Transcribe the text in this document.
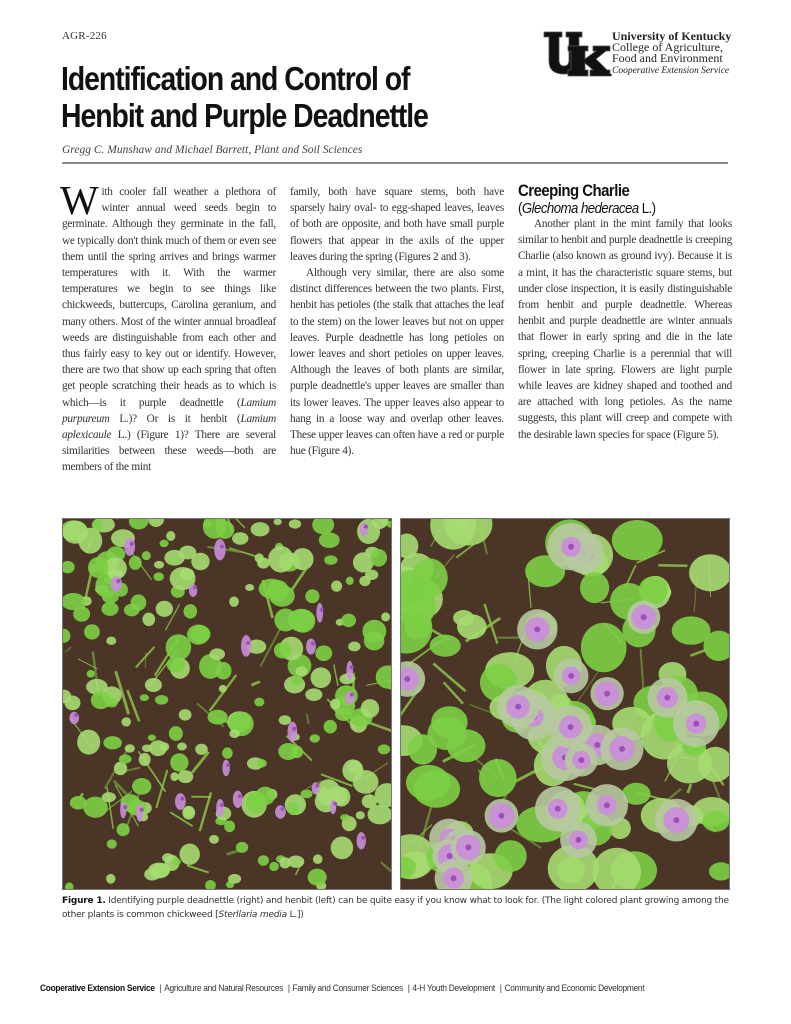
AGR-226
Identification and Control of
Henbit and Purple Deadnettle
Gregg C. Munshaw and Michael Barrett, Plant and Soil Sciences
University of Kentucky
College of Agriculture,
Food and Environment
Cooperative Extension Service

With cooler fall weather a plethora of winter annual weed seeds begin to germinate. Although they germinate in the fall, we typically don't think much of them or even see them until the spring arrives and brings warmer temperatures with it. With the warmer temperatures we begin to see things like chickweeds, buttercups, Carolina geranium, and many others. Most of the winter annual broadleaf weeds are distinguishable from each other and thus fairly easy to key out or identify. However, there are two that show up each spring that often get people scratching their heads as to which is which—is it purple deadnettle (Lamium purpureum L.)? Or is it henbit (Lamium aplexicaule L.) (Figure 1)? There are several similarities between these weeds—both are members of the mint

family, both have square stems, both have sparsely hairy oval- to egg-shaped leaves, leaves of both are opposite, and both have small purple flowers that appear in the axils of the upper leaves during the spring (Figures 2 and 3).

Although very similar, there are also some distinct differences between the two plants. First, henbit has petioles (the stalk that attaches the leaf to the stem) on the lower leaves but not on upper leaves. Purple deadnettle has long petioles on lower leaves and short petioles on upper leaves. Although the leaves of both plants are similar, purple deadnettle's upper leaves are smaller than its lower leaves. The upper leaves also appear to hang in a loose way and overlap other leaves. These upper leaves can often have a red or purple hue (Figure 4).

Creeping Charlie
(Glechoma hederacea L.)

Another plant in the mint family that looks similar to henbit and purple deadnettle is creeping Charlie (also known as ground ivy). Because it is a mint, it has the characteristic square stems, but under close inspection, it is easily distinguishable from henbit and purple deadnettle. Whereas henbit and purple deadnettle are winter annuals that flower in early spring and die in the late spring, creeping Charlie is a perennial that will flower in late spring. Flowers are light purple while leaves are kidney shaped and toothed and are attached with long petioles. As the name suggests, this plant will creep and compete with the desirable lawn species for space (Figure 5).

Figure 1. Identifying purple deadnettle (right) and henbit (left) can be quite easy if you know what to look for. (The light colored plant growing among the other plants is common chickweed [Sterllaria media L.])
Cooperative Extension Service | Agriculture and Natural Resources | Family and Consumer Sciences | 4-H Youth Development | Community and Economic Development
